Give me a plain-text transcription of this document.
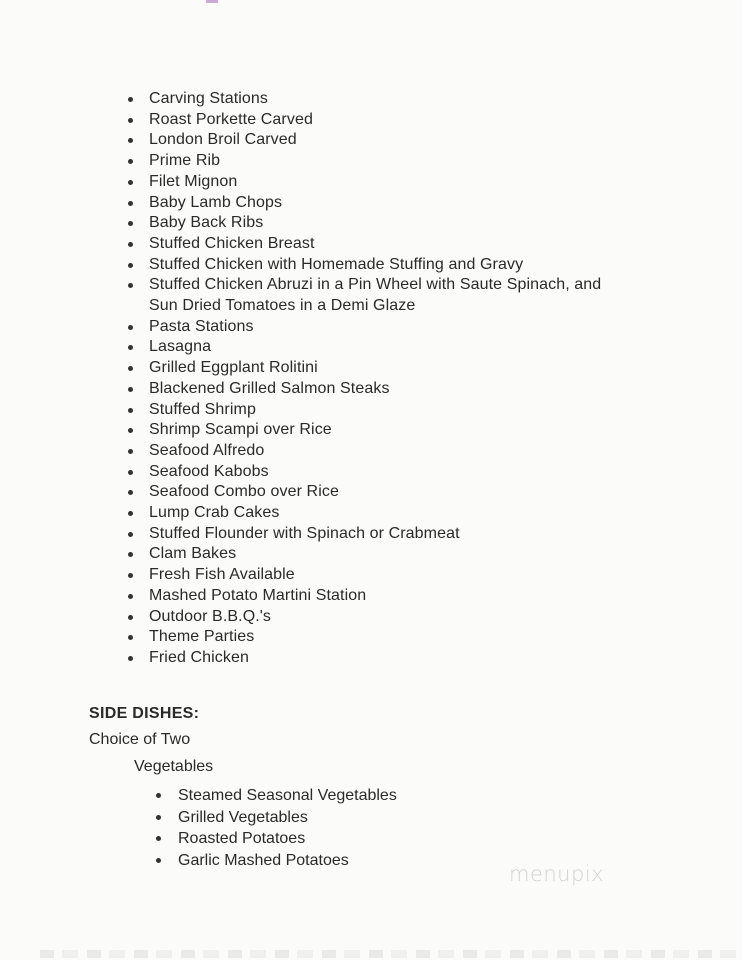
Carving Stations
Roast Porkette Carved
London Broil Carved
Prime Rib
Filet Mignon
Baby Lamb Chops
Baby Back Ribs
Stuffed Chicken Breast
Stuffed Chicken with Homemade Stuffing and Gravy
Stuffed Chicken Abruzi in a Pin Wheel with Saute Spinach, and Sun Dried Tomatoes in a Demi Glaze
Pasta Stations
Lasagna
Grilled Eggplant Rolitini
Blackened Grilled Salmon Steaks
Stuffed Shrimp
Shrimp Scampi over Rice
Seafood Alfredo
Seafood Kabobs
Seafood Combo over Rice
Lump Crab Cakes
Stuffed Flounder with Spinach or Crabmeat
Clam Bakes
Fresh Fish Available
Mashed Potato Martini Station
Outdoor B.B.Q.'s
Theme Parties
Fried Chicken
SIDE DISHES:

Choice of Two

Vegetables

Steamed Seasonal Vegetables
Grilled Vegetables
Roasted Potatoes
Garlic Mashed Potatoes
menupix
